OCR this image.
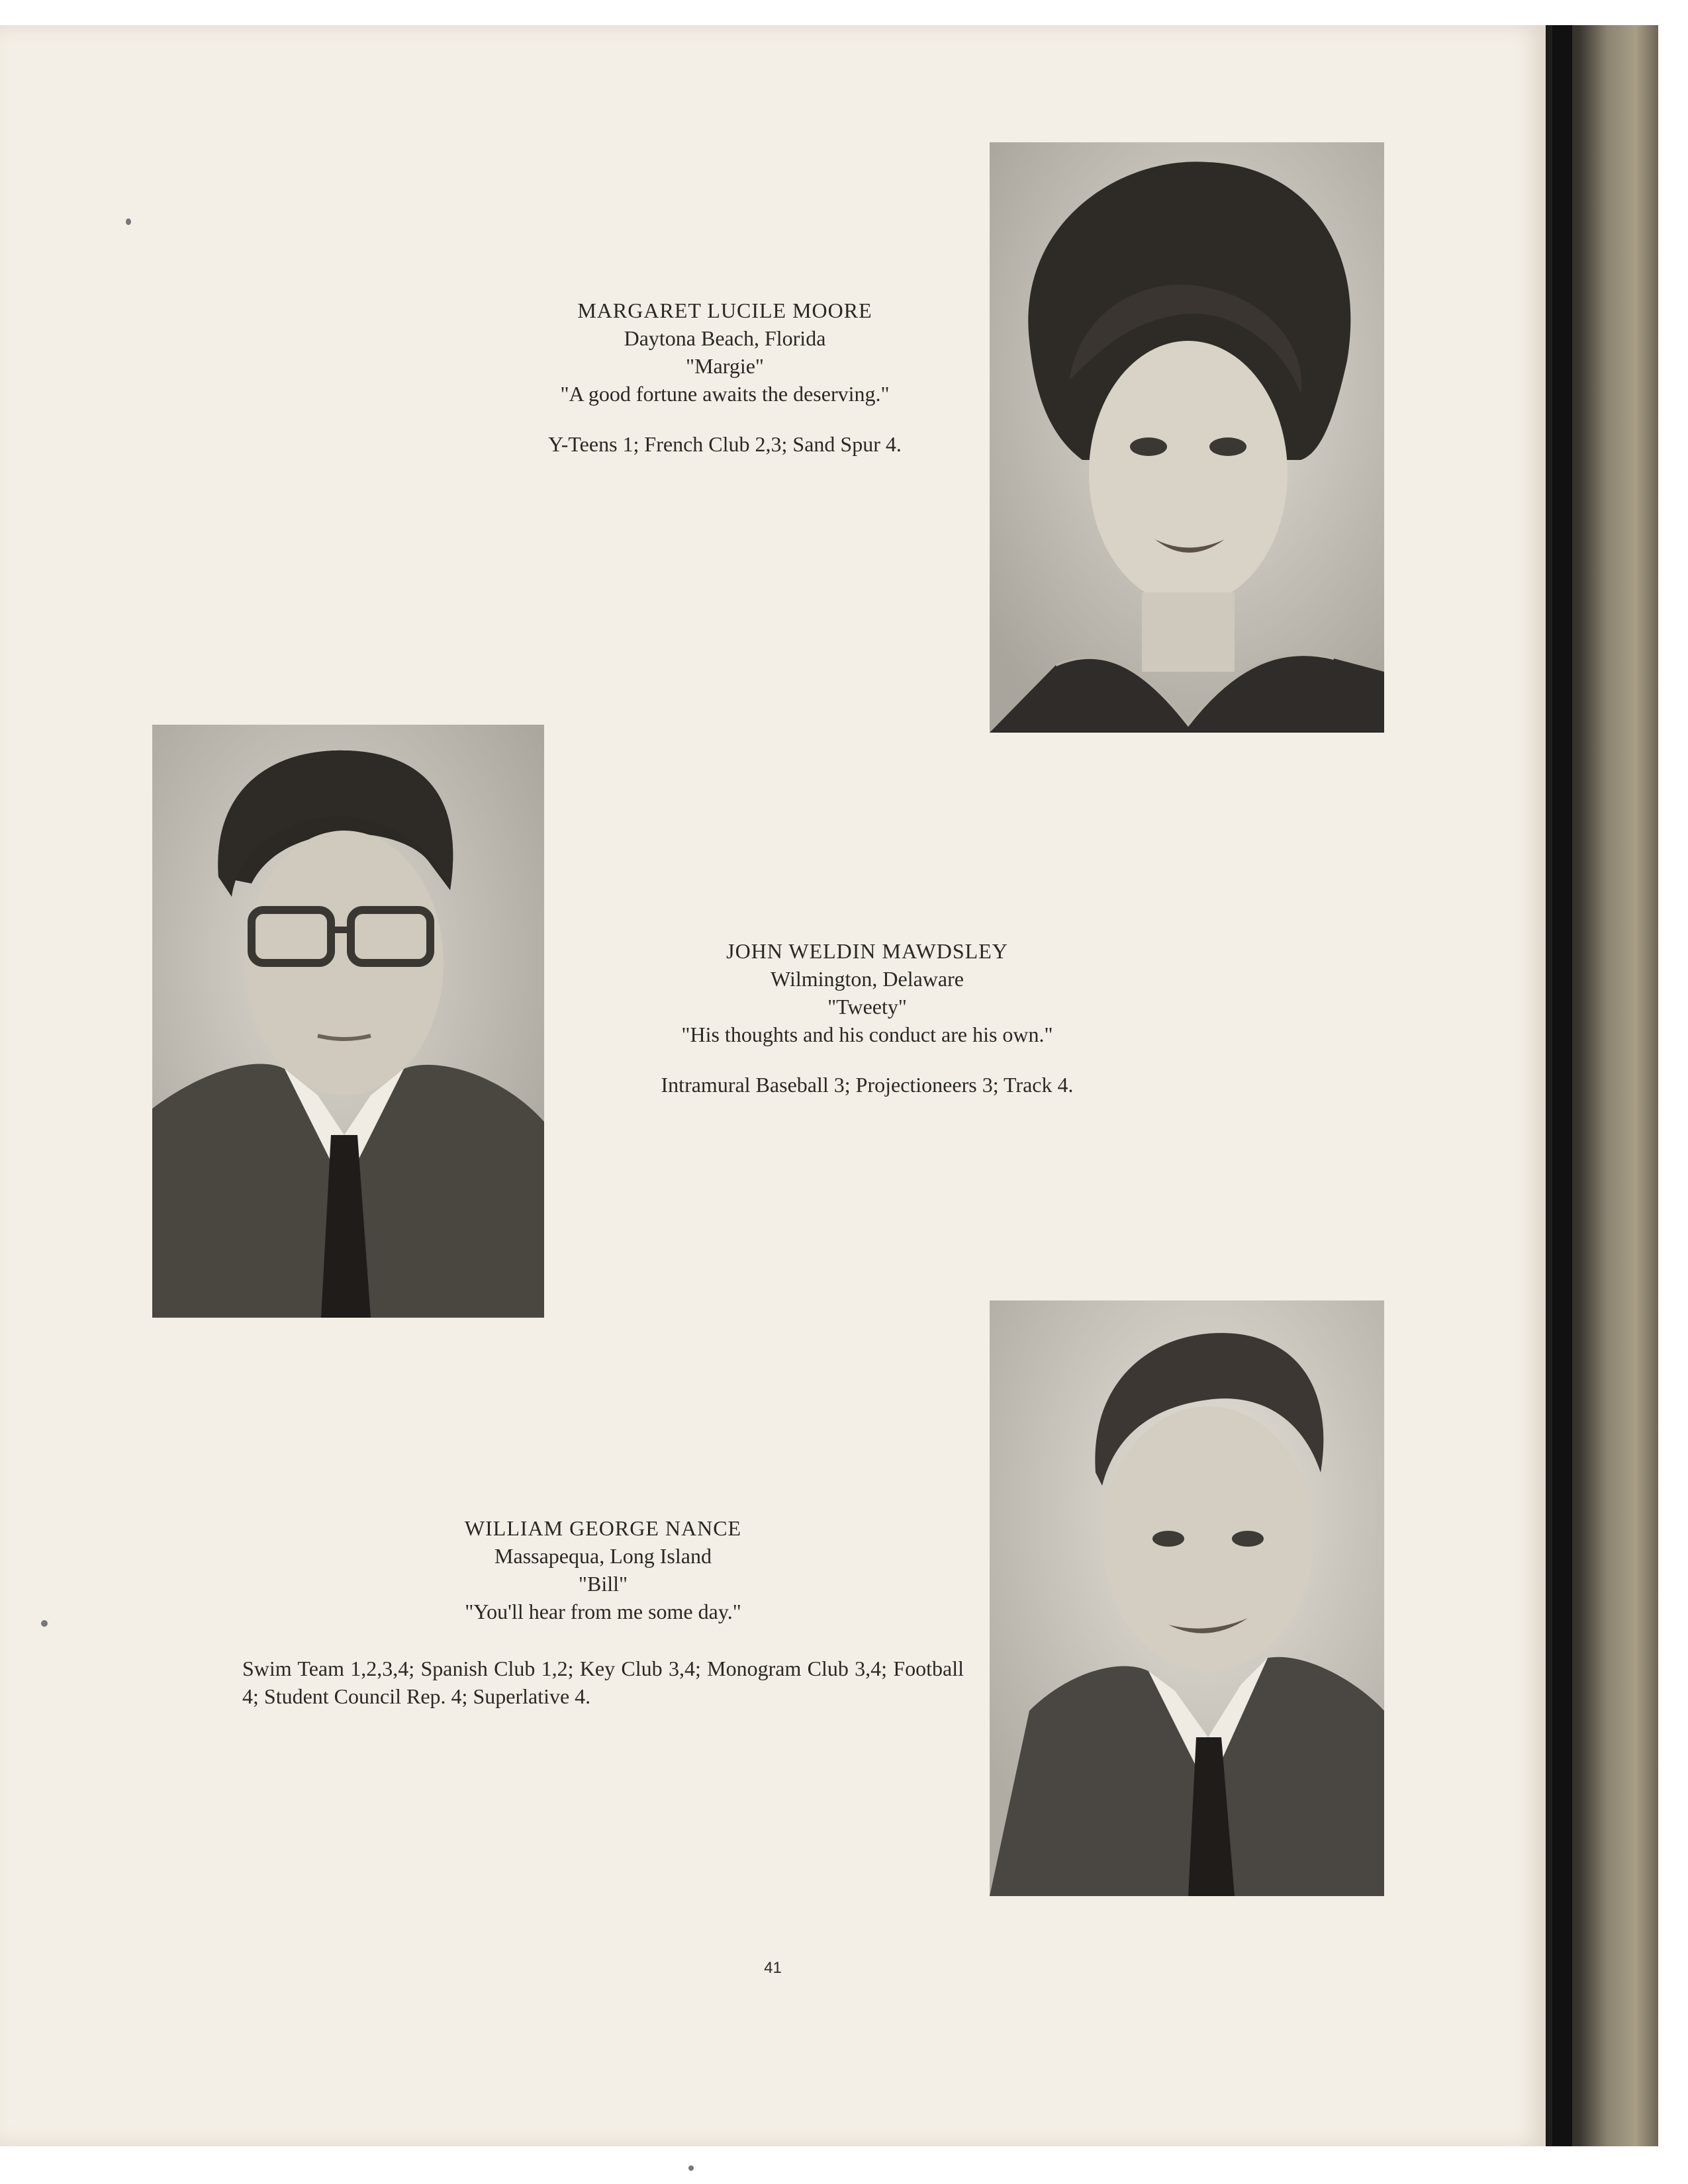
MARGARET LUCILE MOORE
Daytona Beach, Florida
"Margie"
"A good fortune awaits the deserving."
Y-Teens 1; French Club 2,3; Sand Spur 4.
JOHN WELDIN MAWDSLEY
Wilmington, Delaware
"Tweety"
"His thoughts and his conduct are his own."
Intramural Baseball 3; Projectioneers 3; Track 4.
WILLIAM GEORGE NANCE
Massapequa, Long Island
"Bill"
"You'll hear from me some day."
Swim Team 1,2,3,4; Spanish Club 1,2; Key Club 3,4; Monogram Club 3,4; Football 4; Student Council Rep. 4; Superlative 4.
41
